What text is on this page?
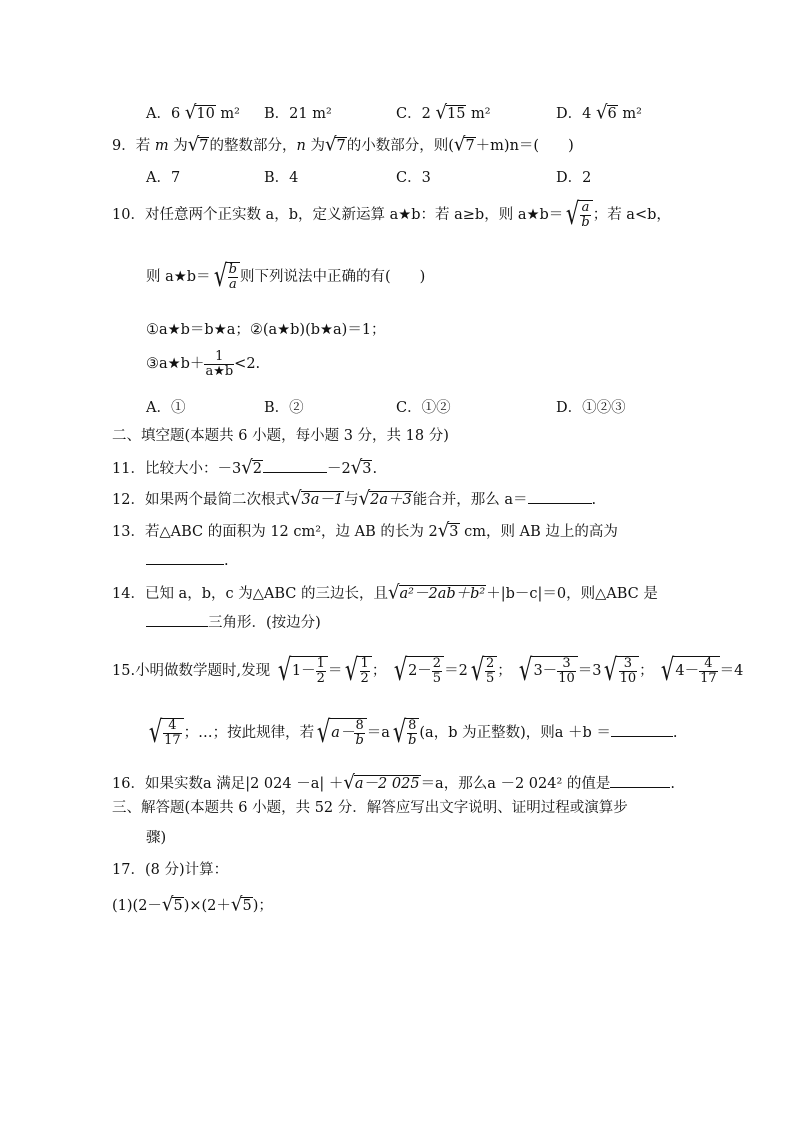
A．6 √10 m² B．21 m²	C．2 √15 m²	D．4 √6 m²
9．若 m 为√7的整数部分，n 为√7的小数部分，则(√7＋m)n＝(　　)
A．7	B．4	C．3	D．2
10．对任意两个正实数 a，b，定义新运算 a★b：若 a≥b，则 a★b＝√ $\frac{a}{b}$ ；若 a<b，
则 a★b＝√ $\frac{b}{a}$ 则下列说法中正确的有(　　)
①a★b＝b★a；②(a★b)(b★a)＝1；
③a★b＋ $\frac{1}{a★b} <2$.
A．①	B．②	C．①②	D．①②③
二、填空题(本题共 6 小题，每小题 3 分，共 18 分)
11．比较大小：－3√2	－2√3.
12．如果两个最简二次根式√3a－1与√2a＋3能合并，那么 a＝	.
13．若△ABC 的面积为 12 cm²，边 AB 的长为 2√3 cm，则 AB 边上的高为
.
14．已知 a，b，c 为△ABC 的三边长，且√a²－2ab＋b²＋|b－c|＝0，则△ABC 是
三角形．(按边分)
15.小明做数学题时,发现 $√1- \frac{1}{2}$ ＝√ $\frac{1}{2}$ ； $√2- \frac{2}{5} =2√ \frac{2}{5}$ ； $√3- \frac{3}{10} =3√ \frac{3}{10}$ ； $√4- \frac{4}{17} =4$
√ $\frac{4}{17}$ ；…；按此规律，若$√a- \frac{8}{b} =a√ \frac{8}{b} (a$，b 为正整数)，则a ＋b ＝	.
16．如果实数a 满足|2 024 －a| ＋√a－2 025＝a，那么a －2 024² 的值是	.
三、解答题(本题共 6 小题，共 52 分．解答应写出文字说明、证明过程或演算步
骤)
17．(8 分)计算：
(1)(2－√5)×(2＋√5)；
